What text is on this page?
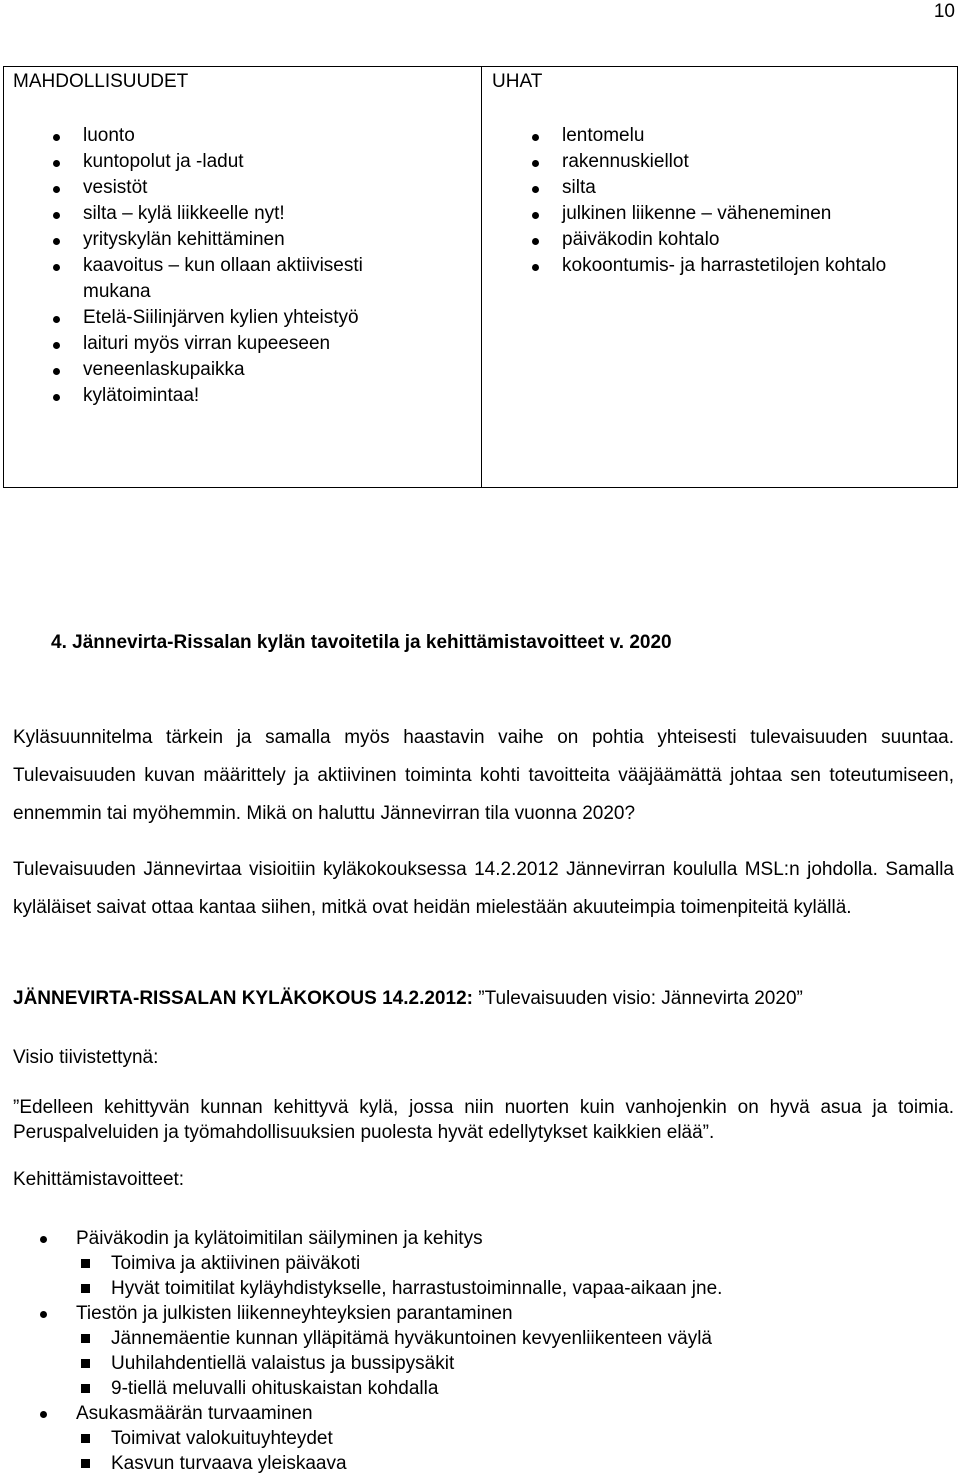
10
MAHDOLLISUUDET
luonto
kuntopolut ja -ladut
vesistöt
silta – kylä liikkeelle nyt!
yrityskylän kehittäminen
kaavoitus – kun ollaan aktiivisesti mukana
Etelä-Siilinjärven kylien yhteistyö
laituri myös virran kupeeseen
veneenlaskupaikka
kylätoimintaa!
UHAT
lentomelu
rakennuskiellot
silta
julkinen liikenne – väheneminen
päiväkodin kohtalo
kokoontumis- ja harrastetilojen kohtalo
4. Jännevirta-Rissalan kylän tavoitetila ja kehittämistavoitteet v. 2020

Kyläsuunnitelma tärkein ja samalla myös haastavin vaihe on pohtia yhteisesti tulevaisuuden suuntaa. Tulevaisuuden kuvan määrittely ja aktiivinen toiminta kohti tavoitteita vääjäämättä johtaa sen toteutumiseen, ennemmin tai myöhemmin. Mikä on haluttu Jännevirran tila vuonna 2020?

Tulevaisuuden Jännevirtaa visioitiin kyläkokouksessa 14.2.2012 Jännevirran koululla MSL:n johdolla. Samalla kyläläiset saivat ottaa kantaa siihen, mitkä ovat heidän mielestään akuuteimpia toimenpiteitä kylällä.

JÄNNEVIRTA-RISSALAN KYLÄKOKOUS 14.2.2012: ”Tulevaisuuden visio: Jännevirta 2020”
Visio tiivistettynä:

”Edelleen kehittyvän kunnan kehittyvä kylä, jossa niin nuorten kuin vanhojenkin on hyvä asua ja toimia. Peruspalveluiden ja työmahdollisuuksien puolesta hyvät edellytykset kaikkien elää”.

Kehittämistavoitteet:
Päiväkodin ja kylätoimitilan säilyminen ja kehitys
Toimiva ja aktiivinen päiväkoti
Hyvät toimitilat kyläyhdistykselle, harrastustoiminnalle, vapaa-aikaan jne.
Tiestön ja julkisten liikenneyhteyksien parantaminen
Jännemäentie kunnan ylläpitämä hyväkuntoinen kevyenliikenteen väylä
Uuhilahdentiellä valaistus ja bussipysäkit
9-tiellä meluvalli ohituskaistan kohdalla
Asukasmäärän turvaaminen
Toimivat valokuituyhteydet
Kasvun turvaava yleiskaava
